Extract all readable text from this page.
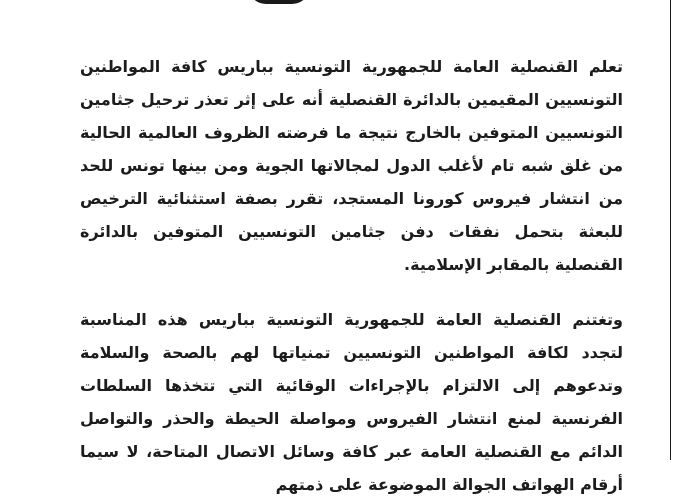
تعلم القنصلية العامة للجمهورية التونسية بباريس كافة المواطنين التونسيين المقيمين بالدائرة القنصلية أنه على إثر تعذر ترحيل جثامين التونسيين المتوفين بالخارج نتيجة ما فرضته الظروف العالمية الحالية من غلق شبه تام لأغلب الدول لمجالاتها الجوية ومن بينها تونس للحد من انتشار فيروس كورونا المستجد، تقرر بصفة استثنائية الترخيص للبعثة بتحمل نفقات دفن جثامين التونسيين المتوفين بالدائرة القنصلية بالمقابر الإسلامية.

وتغتنم القنصلية العامة للجمهورية التونسية بباريس هذه المناسبة لتجدد لكافة المواطنين التونسيين تمنياتها لهم بالصحة والسلامة وتدعوهم إلى الالتزام بالإجراءات الوقائية التي تتخذها السلطات الفرنسية لمنع انتشار الفيروس ومواصلة الحيطة والحذر والتواصل الدائم مع القنصلية العامة عبر كافة وسائل الاتصال المتاحة، لا سيما أرقام الهواتف الجوالة الموضوعة على ذمتهم
